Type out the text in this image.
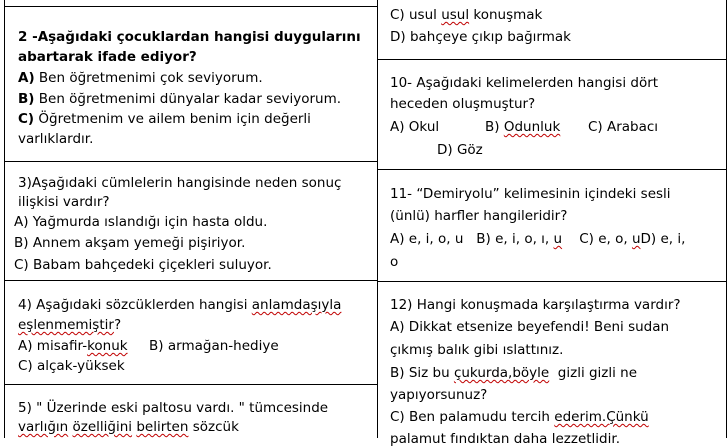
2 -Aşağıdaki çocuklardan hangisi duygularını
abartarak ifade ediyor?
A) Ben öğretmenimi çok seviyorum.
B) Ben öğretmenimi dünyalar kadar seviyorum.
C) Öğretmenim ve ailem benim için değerli
varlıklardır.
3)Aşağıdaki cümlelerin hangisinde neden sonuç
ilişkisi vardır?
A) Yağmurda ıslandığı için hasta oldu.
B) Annem akşam yemeği pişiriyor.
C) Babam bahçedeki çiçekleri suluyor.
4) Aşağıdaki sözcüklerden hangisi anlamdaşıyla
eşlenmemiştir?
A) misafir-konuk     B) armağan-hediye
C) alçak-yüksek
5) " Üzerinde eski paltosu vardı. " tümcesinde
varlığın özelliğini belirten sözcük
C) usul usul konuşmak
D) bahçeye çıkıp bağırmak
10- Aşağıdaki kelimelerden hangisi dört
heceden oluşmuştur?
A) Okul	B) Odunluk C) Arabacı
D) Göz
11- “Demiryolu” kelimesinin içindeki sesli
(ünlü) harfler hangileridir?
A) e, i, o, u   B) e, i, o, ı, u    C) e, o, uD) e, i,
o
12) Hangi konuşmada karşılaştırma vardır?
A) Dikkat etsenize beyefendi! Beni sudan
çıkmış balık gibi ıslattınız.
B) Siz bu çukurda,böyle  gizli gizli ne
yapıyorsunuz?
C) Ben palamudu tercih ederim.Çünkü
palamut fındıktan daha lezzetlidir.
